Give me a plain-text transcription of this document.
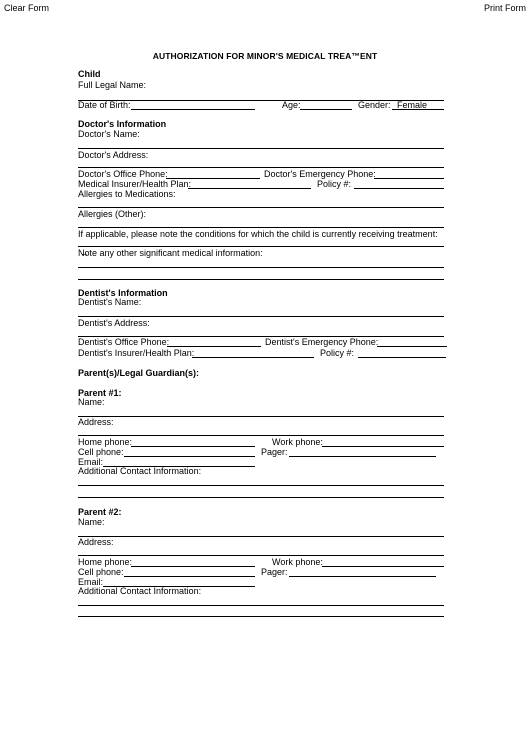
Clear Form	Print Form
AUTHORIZATION FOR MINOR'S MEDICAL TREA™ENT
Child
Full Legal Name:
Date of Birth:	Age:	Gender: Female
Doctor's Information
Doctor's Name:
Doctor's Address:
Doctor's Office Phone:	Doctor's Emergency Phone:
Medical Insurer/Health Plan:	Policy #:
Allergies to Medications:
Allergies (Other):
If applicable, please note the conditions for which the child is currently receiving treatment:
N̶ote any other significant medical information:
Dentist's Information
Dentist's Name:
Dentist's Address:
Dentist's Office Phone:	Dentist's Emergency Phone:
Dentist's Insurer/Health Plan:	Policy #:
Parent(s)/Legal Guardian(s):
Parent #1:
Name:
Address:
Home phone:	Work phone:
Cell phone:	Pager:
Email:
Additional Contact Information:
Parent #2:
Name:
Address:
Home phone:	Work phone:
Cell phone:	Pager:
Email:
Additional Contact Information:
